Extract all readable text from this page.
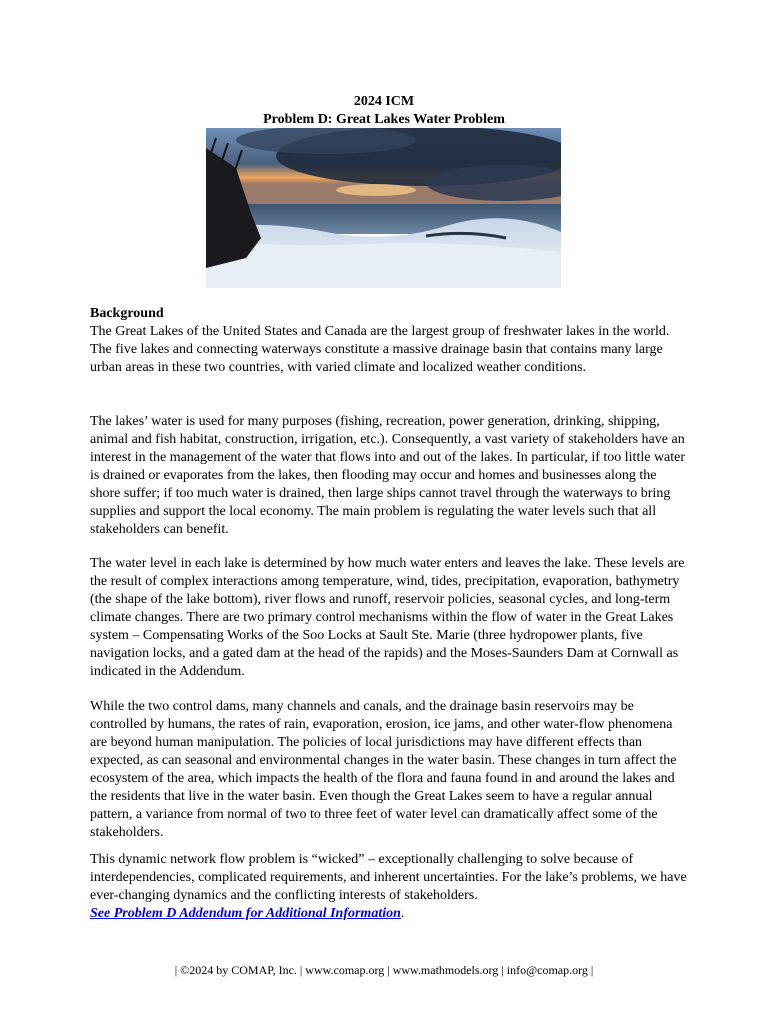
2024 ICM
Problem D: Great Lakes Water Problem
Background

The Great Lakes of the United States and Canada are the largest group of freshwater lakes in the world. The five lakes and connecting waterways constitute a massive drainage basin that contains many large urban areas in these two countries, with varied climate and localized weather conditions.

The lakes’ water is used for many purposes (fishing, recreation, power generation, drinking, shipping, animal and fish habitat, construction, irrigation, etc.). Consequently, a vast variety of stakeholders have an interest in the management of the water that flows into and out of the lakes. In particular, if too little water is drained or evaporates from the lakes, then flooding may occur and homes and businesses along the shore suffer; if too much water is drained, then large ships cannot travel through the waterways to bring supplies and support the local economy. The main problem is regulating the water levels such that all stakeholders can benefit.

The water level in each lake is determined by how much water enters and leaves the lake. These levels are the result of complex interactions among temperature, wind, tides, precipitation, evaporation, bathymetry (the shape of the lake bottom), river flows and runoff, reservoir policies, seasonal cycles, and long-term climate changes. There are two primary control mechanisms within the flow of water in the Great Lakes system – Compensating Works of the Soo Locks at Sault Ste. Marie (three hydropower plants, five navigation locks, and a gated dam at the head of the rapids) and the Moses-Saunders Dam at Cornwall as indicated in the Addendum.

While the two control dams, many channels and canals, and the drainage basin reservoirs may be controlled by humans, the rates of rain, evaporation, erosion, ice jams, and other water-flow phenomena are beyond human manipulation. The policies of local jurisdictions may have different effects than expected, as can seasonal and environmental changes in the water basin. These changes in turn affect the ecosystem of the area, which impacts the health of the flora and fauna found in and around the lakes and the residents that live in the water basin. Even though the Great Lakes seem to have a regular annual pattern, a variance from normal of two to three feet of water level can dramatically affect some of the stakeholders.

This dynamic network flow problem is “wicked” – exceptionally challenging to solve because of interdependencies, complicated requirements, and inherent uncertainties. For the lake’s problems, we have ever-changing dynamics and the conflicting interests of stakeholders.

See Problem D Addendum for Additional Information.

| ©2024 by COMAP, Inc. | www.comap.org | www.mathmodels.org | info@comap.org |
